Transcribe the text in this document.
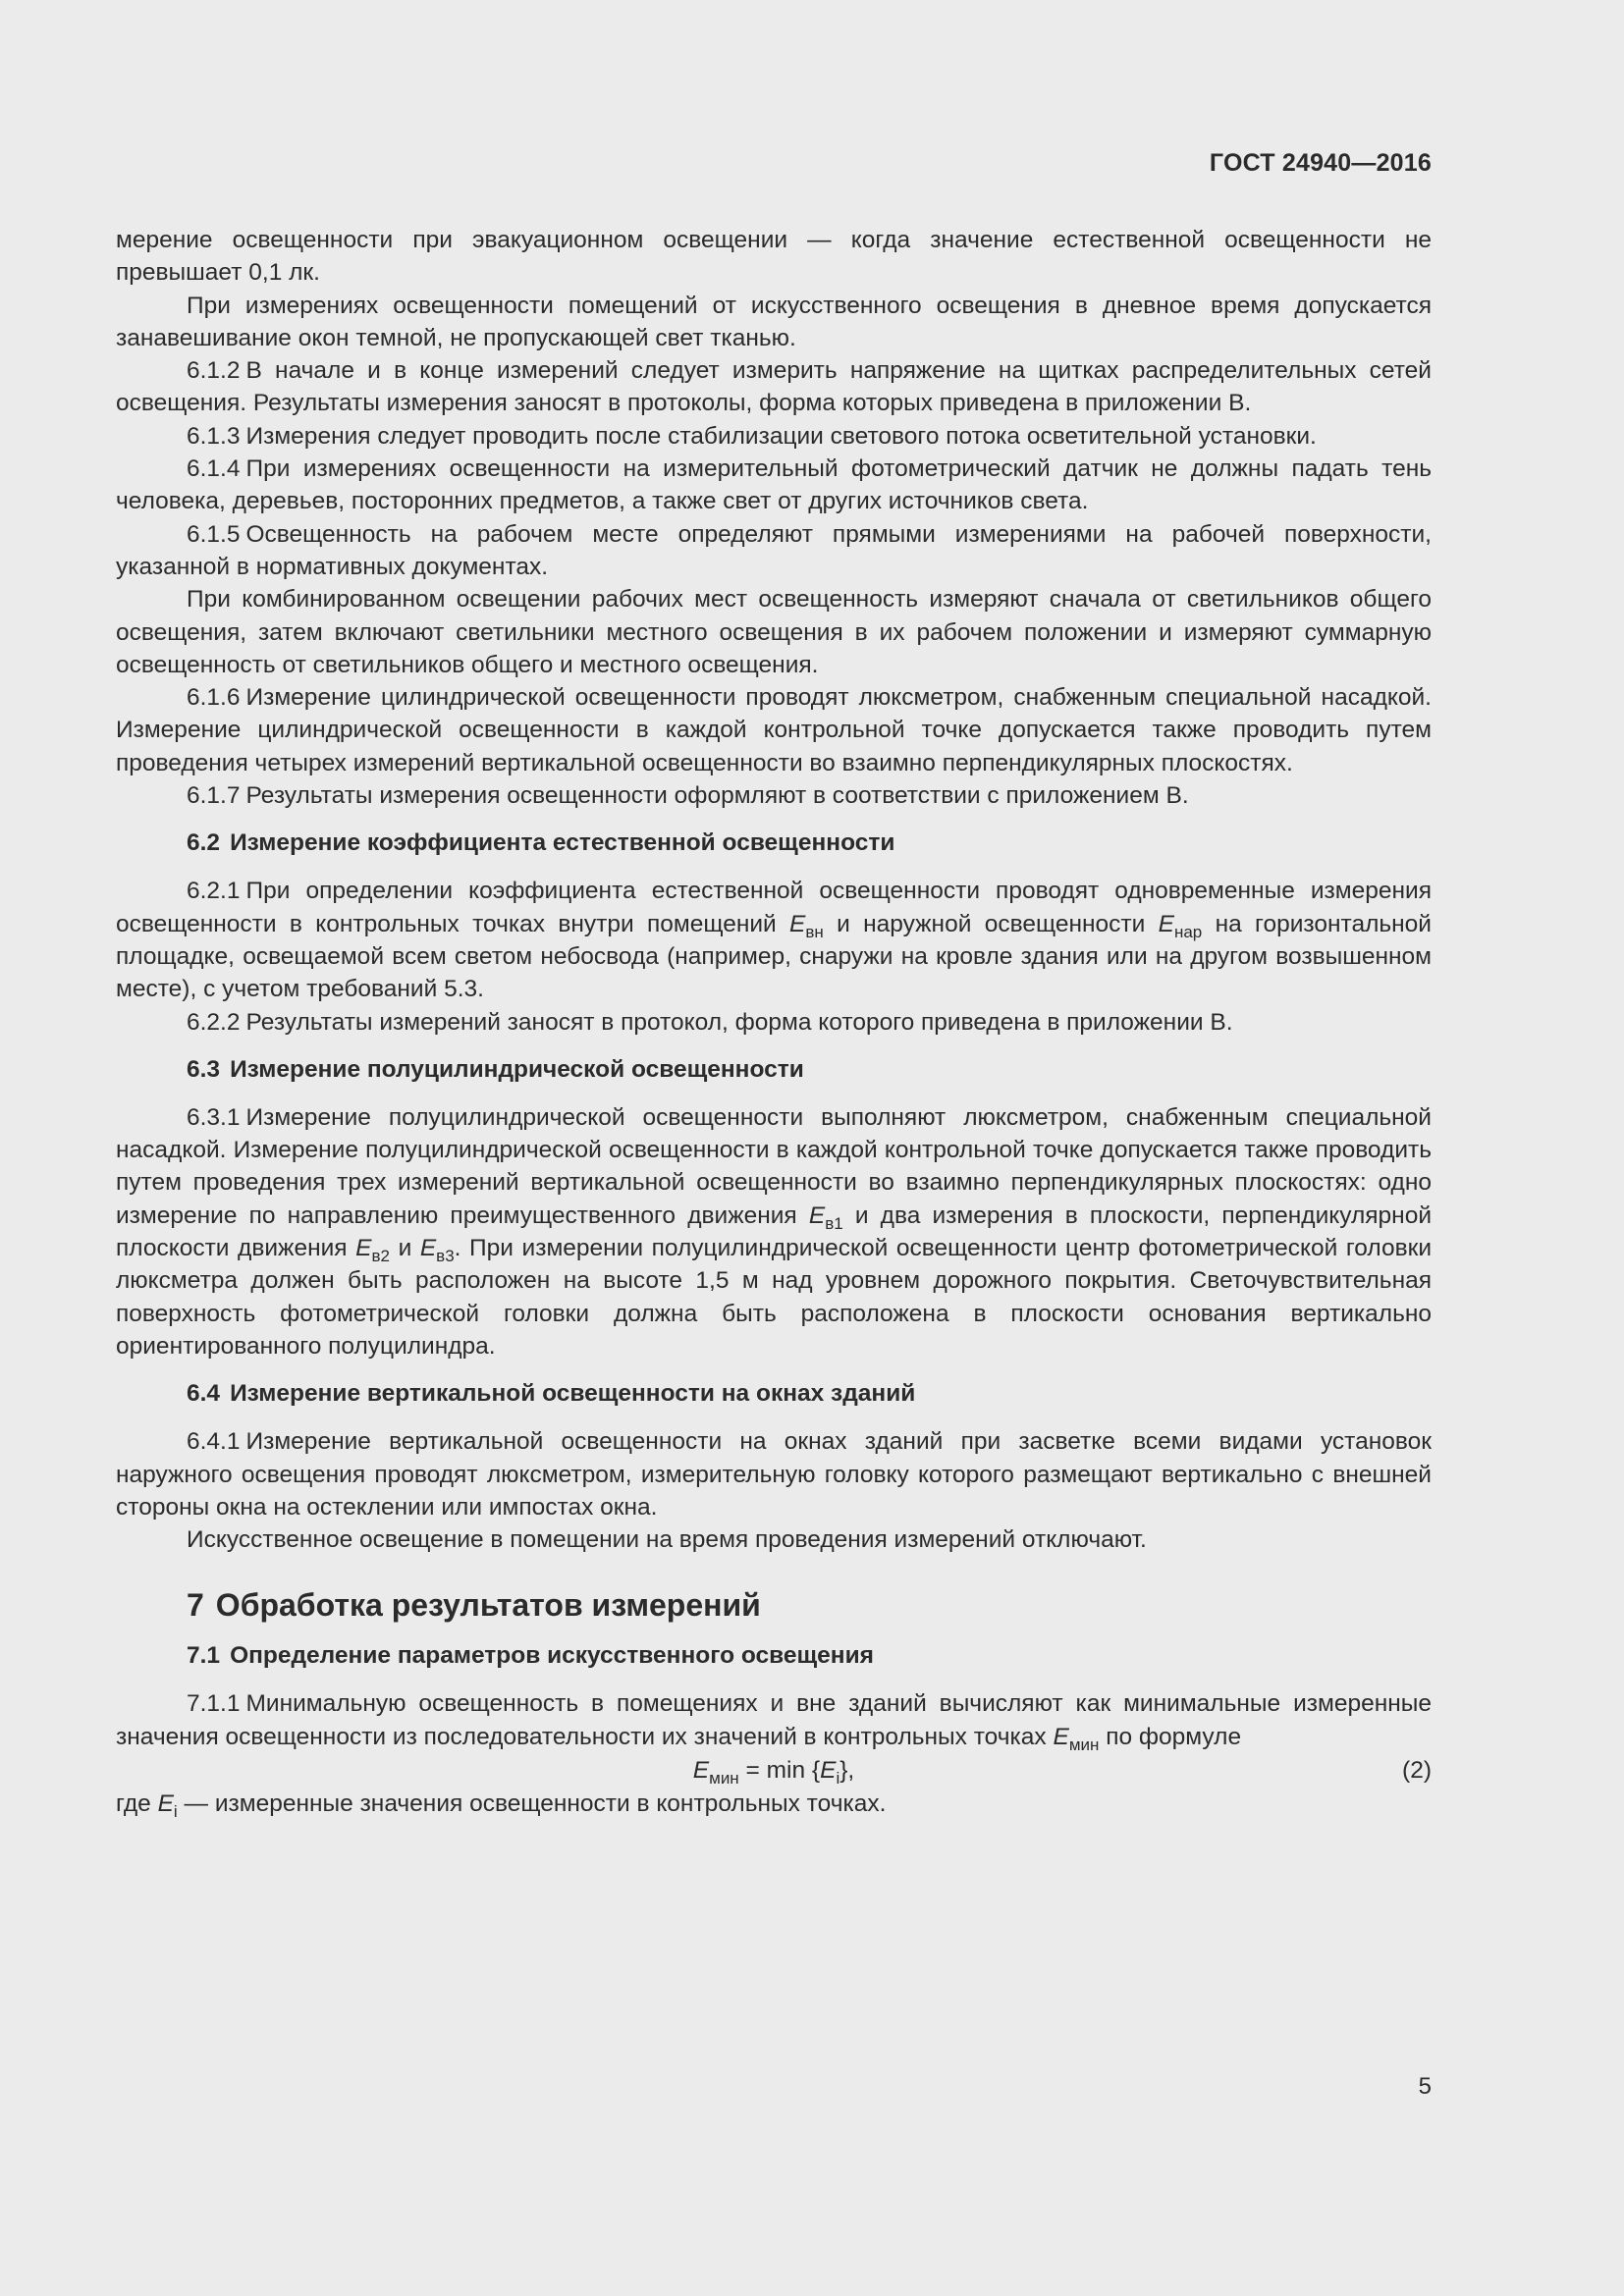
ГОСТ 24940—2016

мерение освещенности при эвакуационном освещении — когда значение естественной освещенности не превышает 0,1 лк.

При измерениях освещенности помещений от искусственного освещения в дневное время допускается занавешивание окон темной, не пропускающей свет тканью.

6.1.2 В начале и в конце измерений следует измерить напряжение на щитках распределительных сетей освещения. Результаты измерения заносят в протоколы, форма которых приведена в приложении В.

6.1.3 Измерения следует проводить после стабилизации светового потока осветительной установки.

6.1.4 При измерениях освещенности на измерительный фотометрический датчик не должны падать тень человека, деревьев, посторонних предметов, а также свет от других источников света.

6.1.5 Освещенность на рабочем месте определяют прямыми измерениями на рабочей поверхности, указанной в нормативных документах.

При комбинированном освещении рабочих мест освещенность измеряют сначала от светильников общего освещения, затем включают светильники местного освещения в их рабочем положении и измеряют суммарную освещенность от светильников общего и местного освещения.

6.1.6 Измерение цилиндрической освещенности проводят люксметром, снабженным специальной насадкой. Измерение цилиндрической освещенности в каждой контрольной точке допускается также проводить путем проведения четырех измерений вертикальной освещенности во взаимно перпендикулярных плоскостях.

6.1.7 Результаты измерения освещенности оформляют в соответствии с приложением В.

6.2 Измерение коэффициента естественной освещенности

6.2.1 При определении коэффициента естественной освещенности проводят одновременные измерения освещенности в контрольных точках внутри помещений $E_{вн}$ и наружной освещенности $E_{нар}$ на горизонтальной площадке, освещаемой всем светом небосвода (например, снаружи на кровле здания или на другом возвышенном месте), с учетом требований 5.3.

6.2.2 Результаты измерений заносят в протокол, форма которого приведена в приложении В.

6.3 Измерение полуцилиндрической освещенности

6.3.1 Измерение полуцилиндрической освещенности выполняют люксметром, снабженным специальной насадкой. Измерение полуцилиндрической освещенности в каждой контрольной точке допускается также проводить путем проведения трех измерений вертикальной освещенности во взаимно перпендикулярных плоскостях: одно измерение по направлению преимущественного движения $E_{в1}$ и два измерения в плоскости, перпендикулярной плоскости движения $E_{в2}$ и $E_{в3}$. При измерении полуцилиндрической освещенности центр фотометрической головки люксметра должен быть расположен на высоте 1,5 м над уровнем дорожного покрытия. Светочувствительная поверхность фотометрической головки должна быть расположена в плоскости основания вертикально ориентированного полуцилиндра.

6.4 Измерение вертикальной освещенности на окнах зданий

6.4.1 Измерение вертикальной освещенности на окнах зданий при засветке всеми видами установок наружного освещения проводят люксметром, измерительную головку которого размещают вертикально с внешней стороны окна на остеклении или импостах окна.

Искусственное освещение в помещении на время проведения измерений отключают.

7 Обработка результатов измерений
7.1 Определение параметров искусственного освещения

7.1.1 Минимальную освещенность в помещениях и вне зданий вычисляют как минимальные измеренные значения освещенности из последовательности их значений в контрольных точках $E_{мин}$ по формуле

$E_{мин} = \min \{E_i\}$,	(2)

где $E_i$ — измеренные значения освещенности в контрольных точках.

5
